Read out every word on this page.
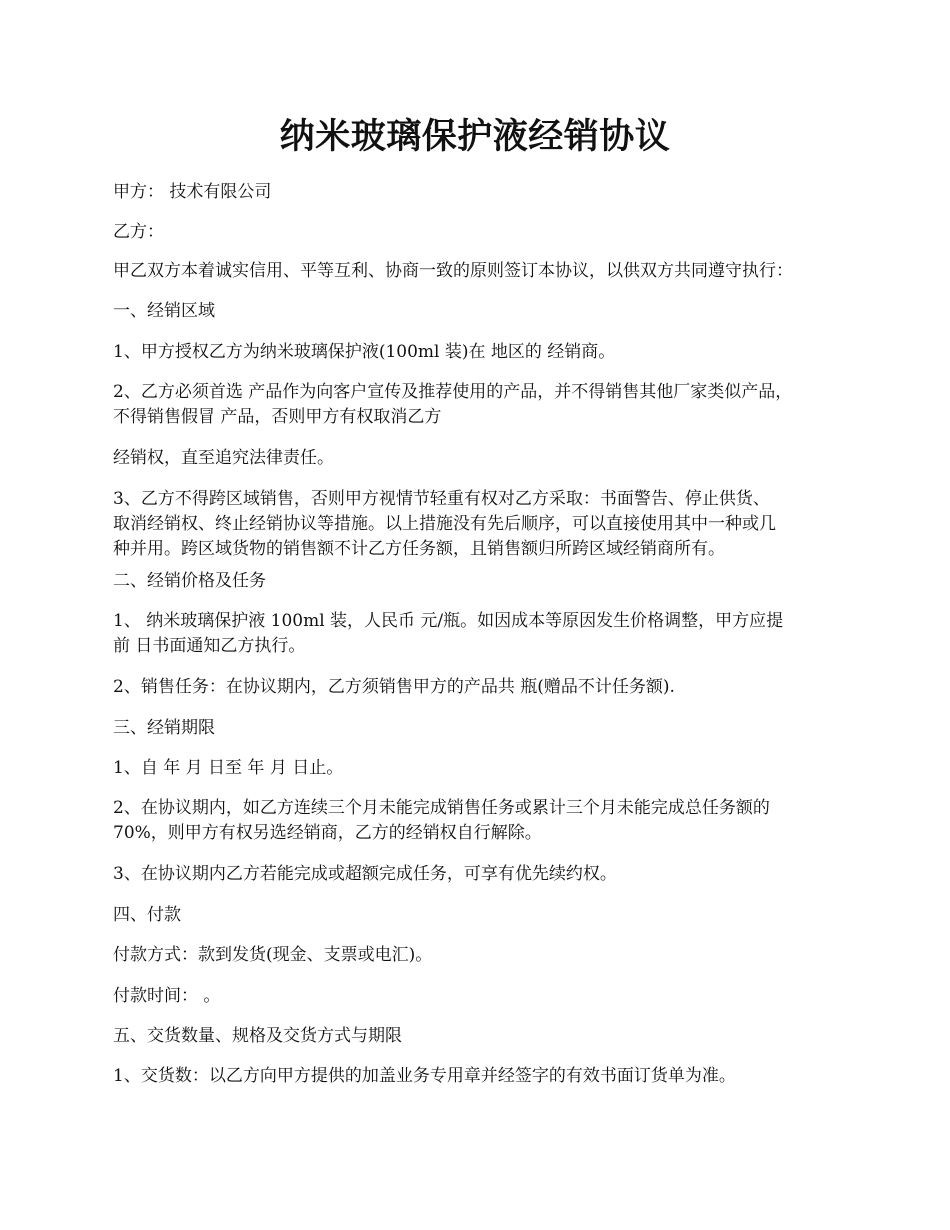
纳米玻璃保护液经销协议

甲方： 技术有限公司

乙方：

甲乙双方本着诚实信用、平等互利、协商一致的原则签订本协议，以供双方共同遵守执行：

一、经销区域

1、甲方授权乙方为纳米玻璃保护液(100ml 装)在 地区的 经销商。

2、乙方必须首选 产品作为向客户宣传及推荐使用的产品，并不得销售其他厂家类似产品，
不得销售假冒 产品，否则甲方有权取消乙方

经销权，直至追究法律责任。

3、乙方不得跨区域销售，否则甲方视情节轻重有权对乙方采取：书面警告、停止供货、
取消经销权、终止经销协议等措施。以上措施没有先后顺序，可以直接使用其中一种或几
种并用。跨区域货物的销售额不计乙方任务额，且销售额归所跨区域经销商所有。

二、经销价格及任务

1、 纳米玻璃保护液 100ml 装，人民币 元/瓶。如因成本等原因发生价格调整，甲方应提
前 日书面通知乙方执行。

2、销售任务：在协议期内，乙方须销售甲方的产品共 瓶(赠品不计任务额).

三、经销期限

1、自 年 月 日至 年 月 日止。

2、在协议期内，如乙方连续三个月未能完成销售任务或累计三个月未能完成总任务额的
70%，则甲方有权另选经销商，乙方的经销权自行解除。

3、在协议期内乙方若能完成或超额完成任务，可享有优先续约权。

四、付款

付款方式：款到发货(现金、支票或电汇)。

付款时间： 。

五、交货数量、规格及交货方式与期限

1、交货数：以乙方向甲方提供的加盖业务专用章并经签字的有效书面订货单为准。
